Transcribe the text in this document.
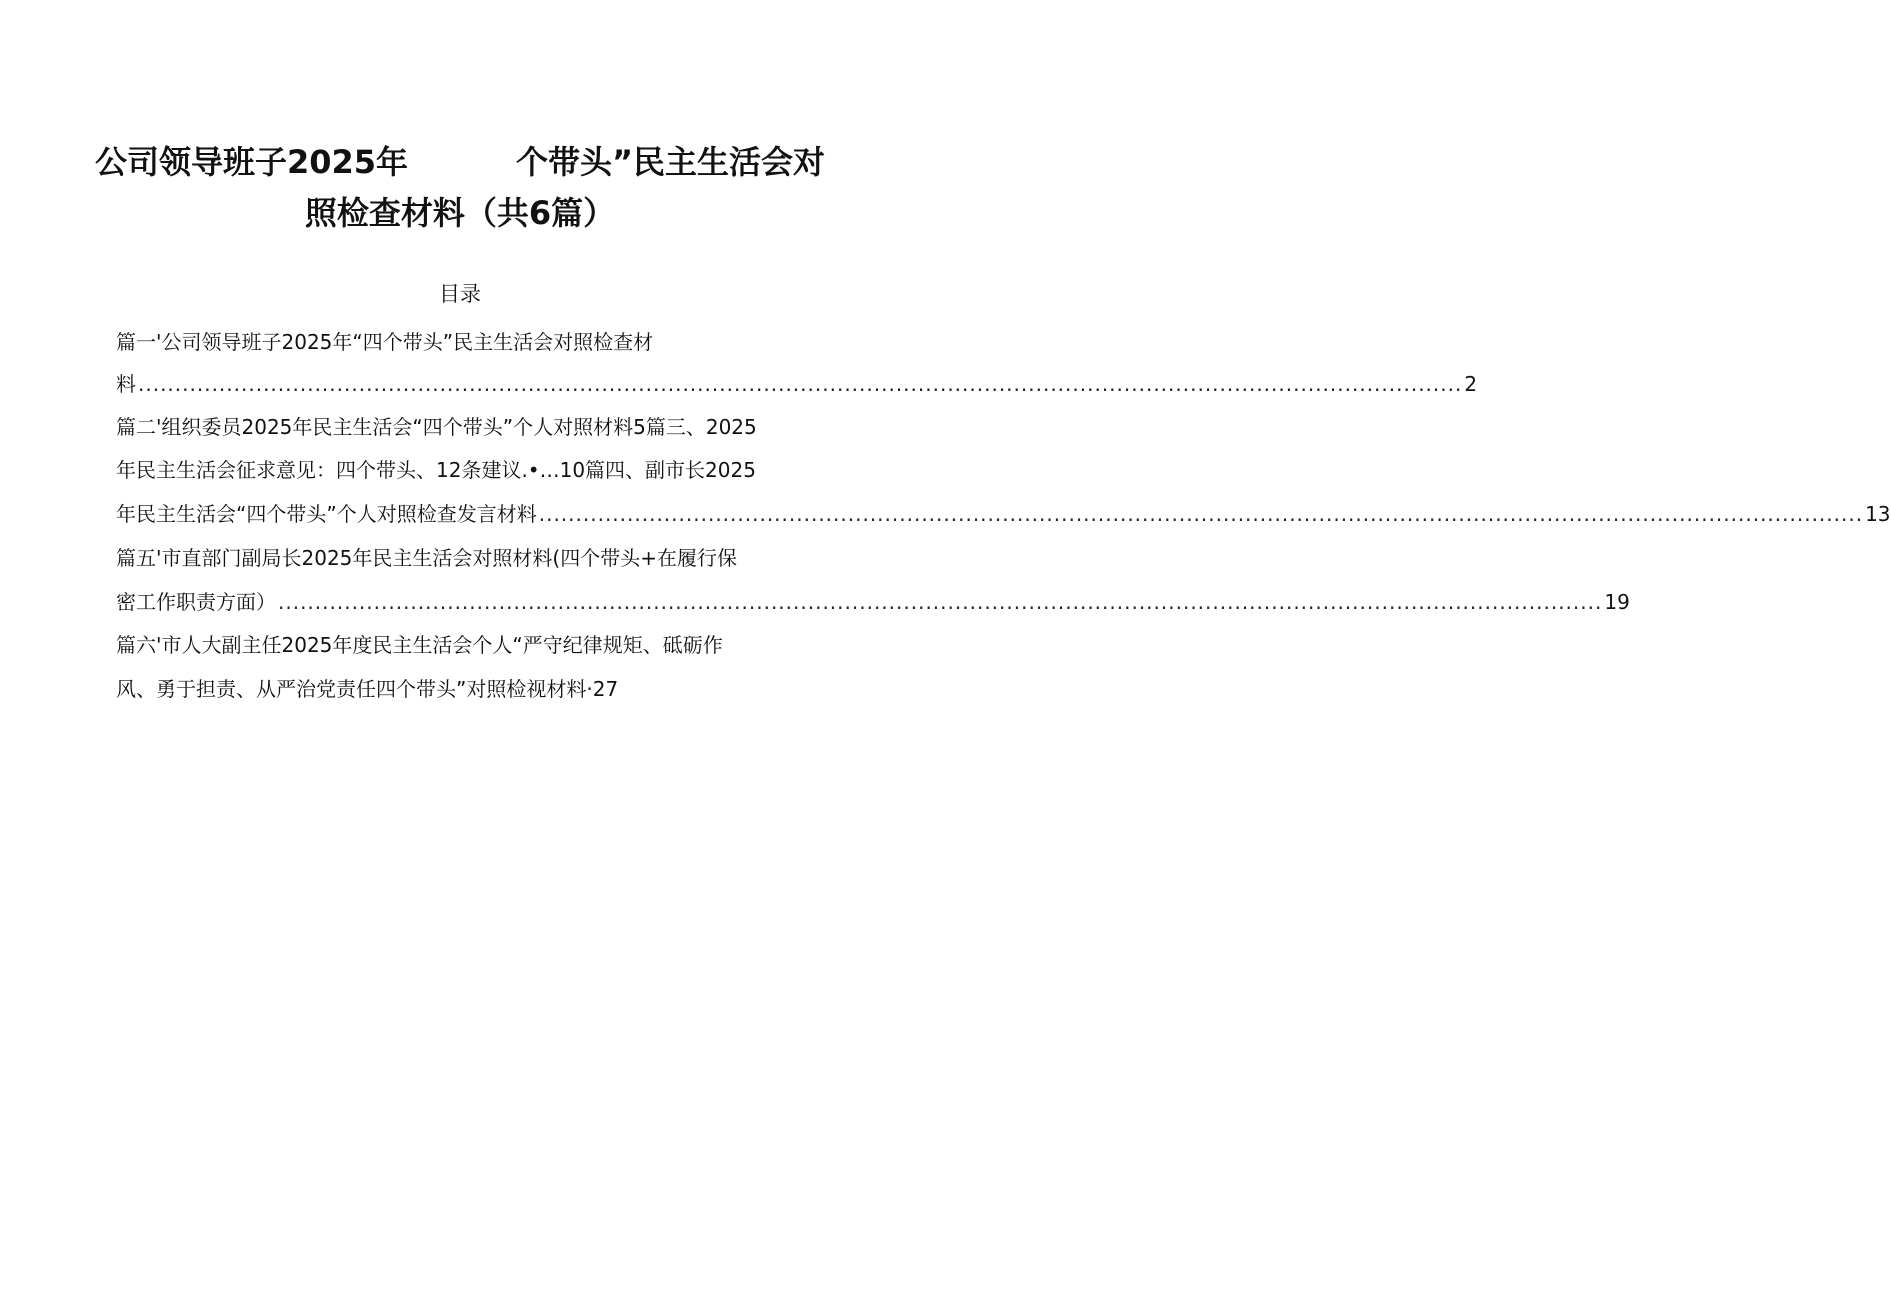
公司领导班子2025年	个带头”民主生活会对
照检查材料（共6篇）
目录
篇一'公司领导班子2025年“四个带头”民主生活会对照检查材
料 .................................................................................................................................................................................... 2
篇二'组织委员2025年民主生活会“四个带头”个人对照材料5篇三、2025
年民主生活会征求意见：四个带头、12条建议.•…10篇四、副市长2025
年民主生活会“四个带头”个人对照检查发言材料 .................................................................................................................................................................................... 13
篇五'市直部门副局长2025年民主生活会对照材料(四个带头+在履行保
密工作职责方面） .................................................................................................................................................................................... 19
篇六'市人大副主任2025年度民主生活会个人“严守纪律规矩、砥砺作
风、勇于担责、从严治党责任四个带头”对照检视材料·27
